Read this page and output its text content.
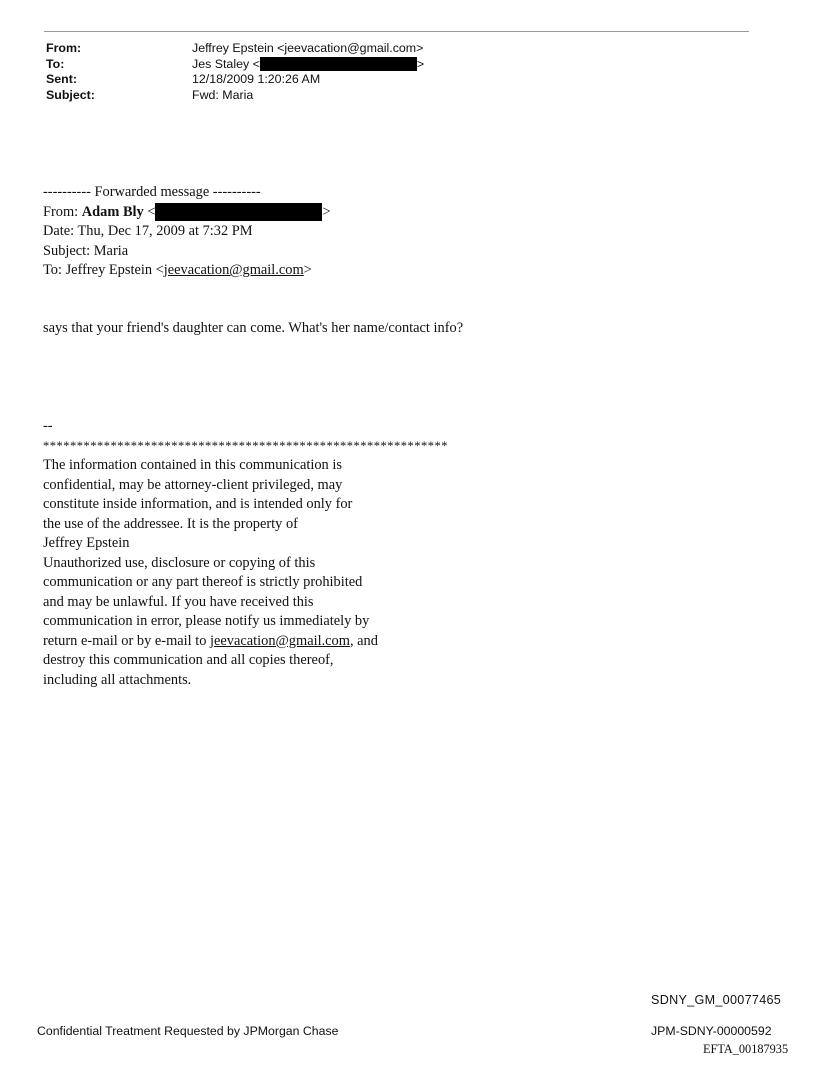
From:	Jeffrey Epstein <jeevacation@gmail.com>
To:	Jes Staley <	>
Sent:	12/18/2009 1:20:26 AM
Subject:	Fwd: Maria
---------- Forwarded message ----------
From: Adam Bly <	>
Date: Thu, Dec 17, 2009 at 7:32 PM
Subject: Maria
To: Jeffrey Epstein <jeevacation@gmail.com>
says that your friend's daughter can come. What's her name/contact info?
--
************************************************************
The information contained in this communication is
confidential, may be attorney-client privileged, may
constitute inside information, and is intended only for
the use of the addressee. It is the property of
Jeffrey Epstein
Unauthorized use, disclosure or copying of this
communication or any part thereof is strictly prohibited
and may be unlawful. If you have received this
communication in error, please notify us immediately by
return e-mail or by e-mail to jeevacation@gmail.com, and
destroy this communication and all copies thereof,
including all attachments.
SDNY_GM_00077465
Confidential Treatment Requested by JPMorgan Chase	JPM-SDNY-00000592
EFTA_00187935
